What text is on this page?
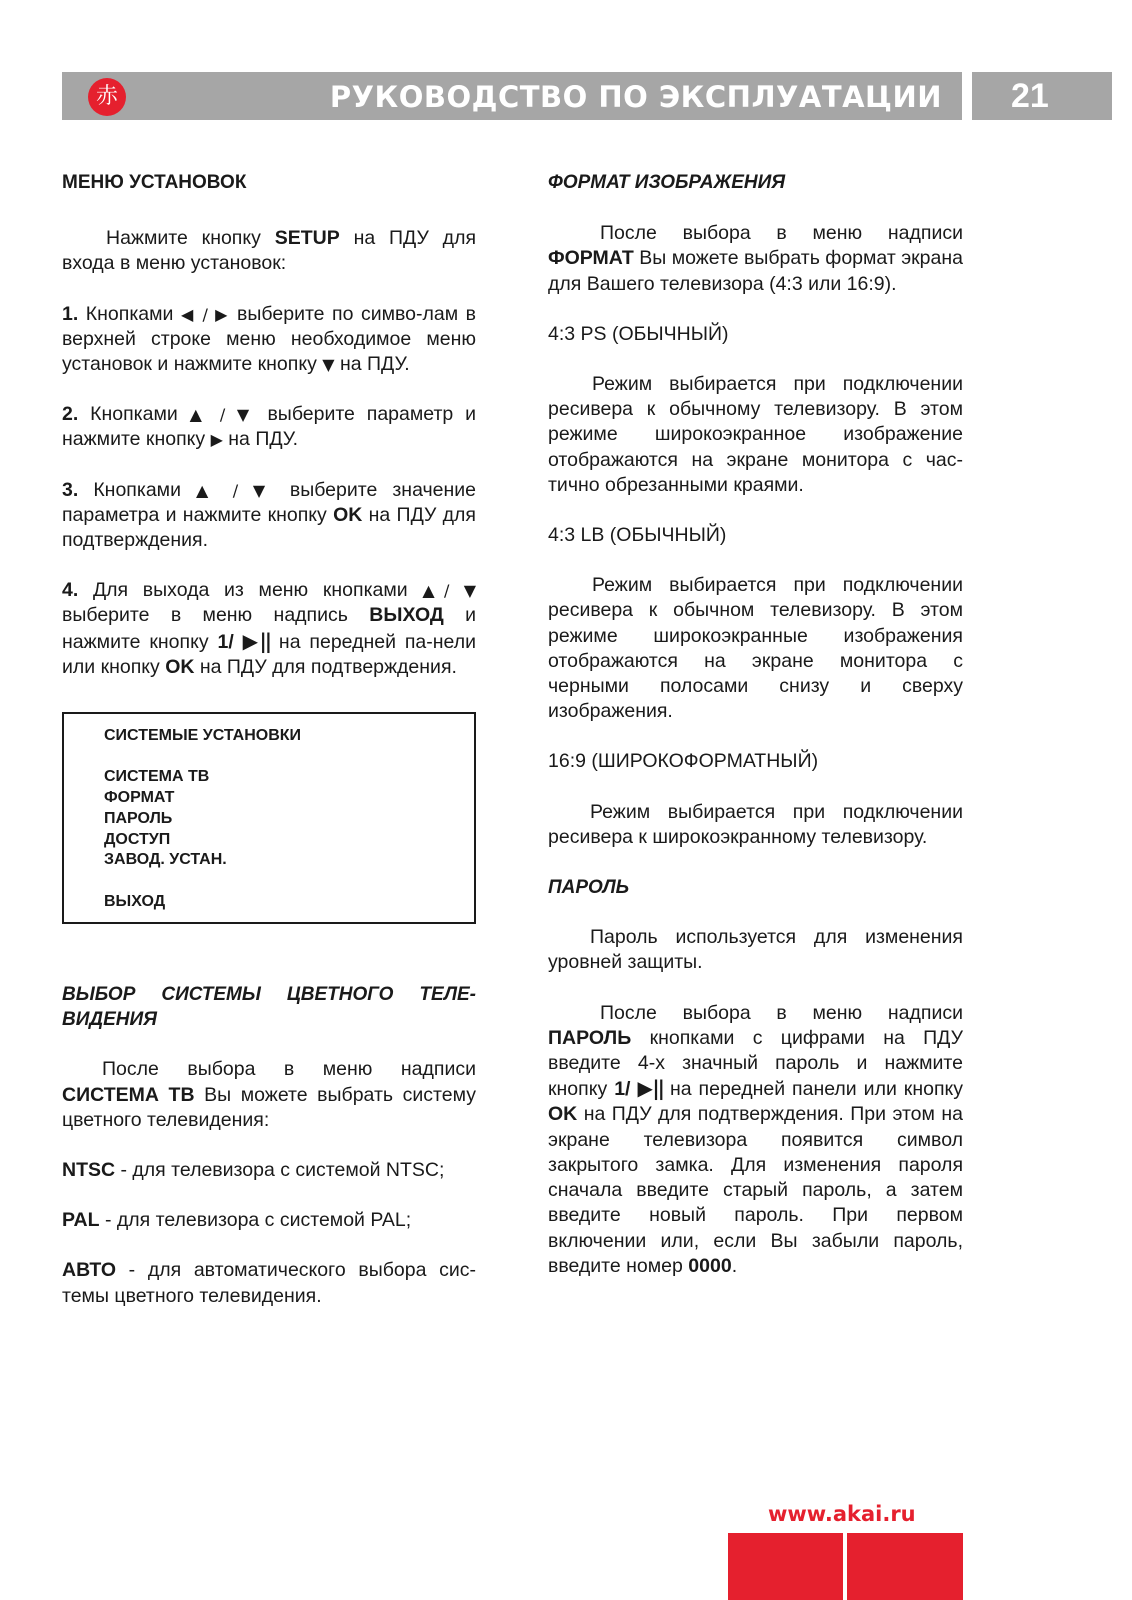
赤	РУКОВОДСТВО ПО ЭКСПЛУАТАЦИИ 21

МЕНЮ УСТАНОВОК

Нажмите кнопку SETUP на ПДУ для входа в меню установок:

1. Кнопками ◀ / ▶ выберите по симво-лам в верхней строке меню необходимое меню установок и нажмите кнопку ▼ на ПДУ.

2. Кнопками ▲ / ▼ выберите параметр и нажмите кнопку ▶ на ПДУ.

3. Кнопками ▲ / ▼ выберите значение параметра и нажмите кнопку OK на ПДУ для подтверждения.

4. Для выхода из меню кнопками ▲/ ▼ выберите в меню надпись ВЫХОД и нажмите кнопку 1/ ▶|| на передней па-нели или кнопку OK на ПДУ для подтверждения.

СИСТЕМЫЕ УСТАНОВКИ
СИСТЕМА ТВ
ФОРМАТ
ПАРОЛЬ
ДОСТУП
ЗАВОД. УСТАН.
ВЫХОД

ВЫБОР СИСТЕМЫ ЦВЕТНОГО ТЕЛЕ-ВИДЕНИЯ

После выбора в меню надписи СИСТЕМА ТВ Вы можете выбрать систему цветного телевидения:

NTSC - для телевизора с системой NTSC;

PAL - для телевизора с системой PAL;

АВТО - для автоматического выбора сис-темы цветного телевидения.

ФОРМАТ ИЗОБРАЖЕНИЯ

После выбора в меню надписи ФОРМАТ Вы можете выбрать формат экрана для Вашего телевизора (4:3 или 16:9).

4:3 PS (ОБЫЧНЫЙ)

Режим выбирается при подключении ресивера к обычному телевизору. В этом режиме широкоэкранное изображение отображаются на экране монитора с час-тично обрезанными краями.

4:3 LB (ОБЫЧНЫЙ)

Режим выбирается при подключении ресивера к обычном телевизору. В этом режиме широкоэкранные изображения отображаются на экране монитора с черными полосами снизу и сверху изображения.

16:9 (ШИРОКОФОРМАТНЫЙ)

Режим выбирается при подключении ресивера к широкоэкранному телевизору.

ПАРОЛЬ

Пароль используется для изменения уровней защиты.

После выбора в меню надписи ПАРОЛЬ кнопками с цифрами на ПДУ введите 4-х значный пароль и нажмите кнопку 1/ ▶|| на передней панели или кнопку OK на ПДУ для подтверждения. При этом на экране телевизора появится символ закрытого замка. Для изменения пароля сначала введите старый пароль, а затем введите новый пароль. При первом включении или, если Вы забыли пароль, введите номер 0000.

www.akai.ru
